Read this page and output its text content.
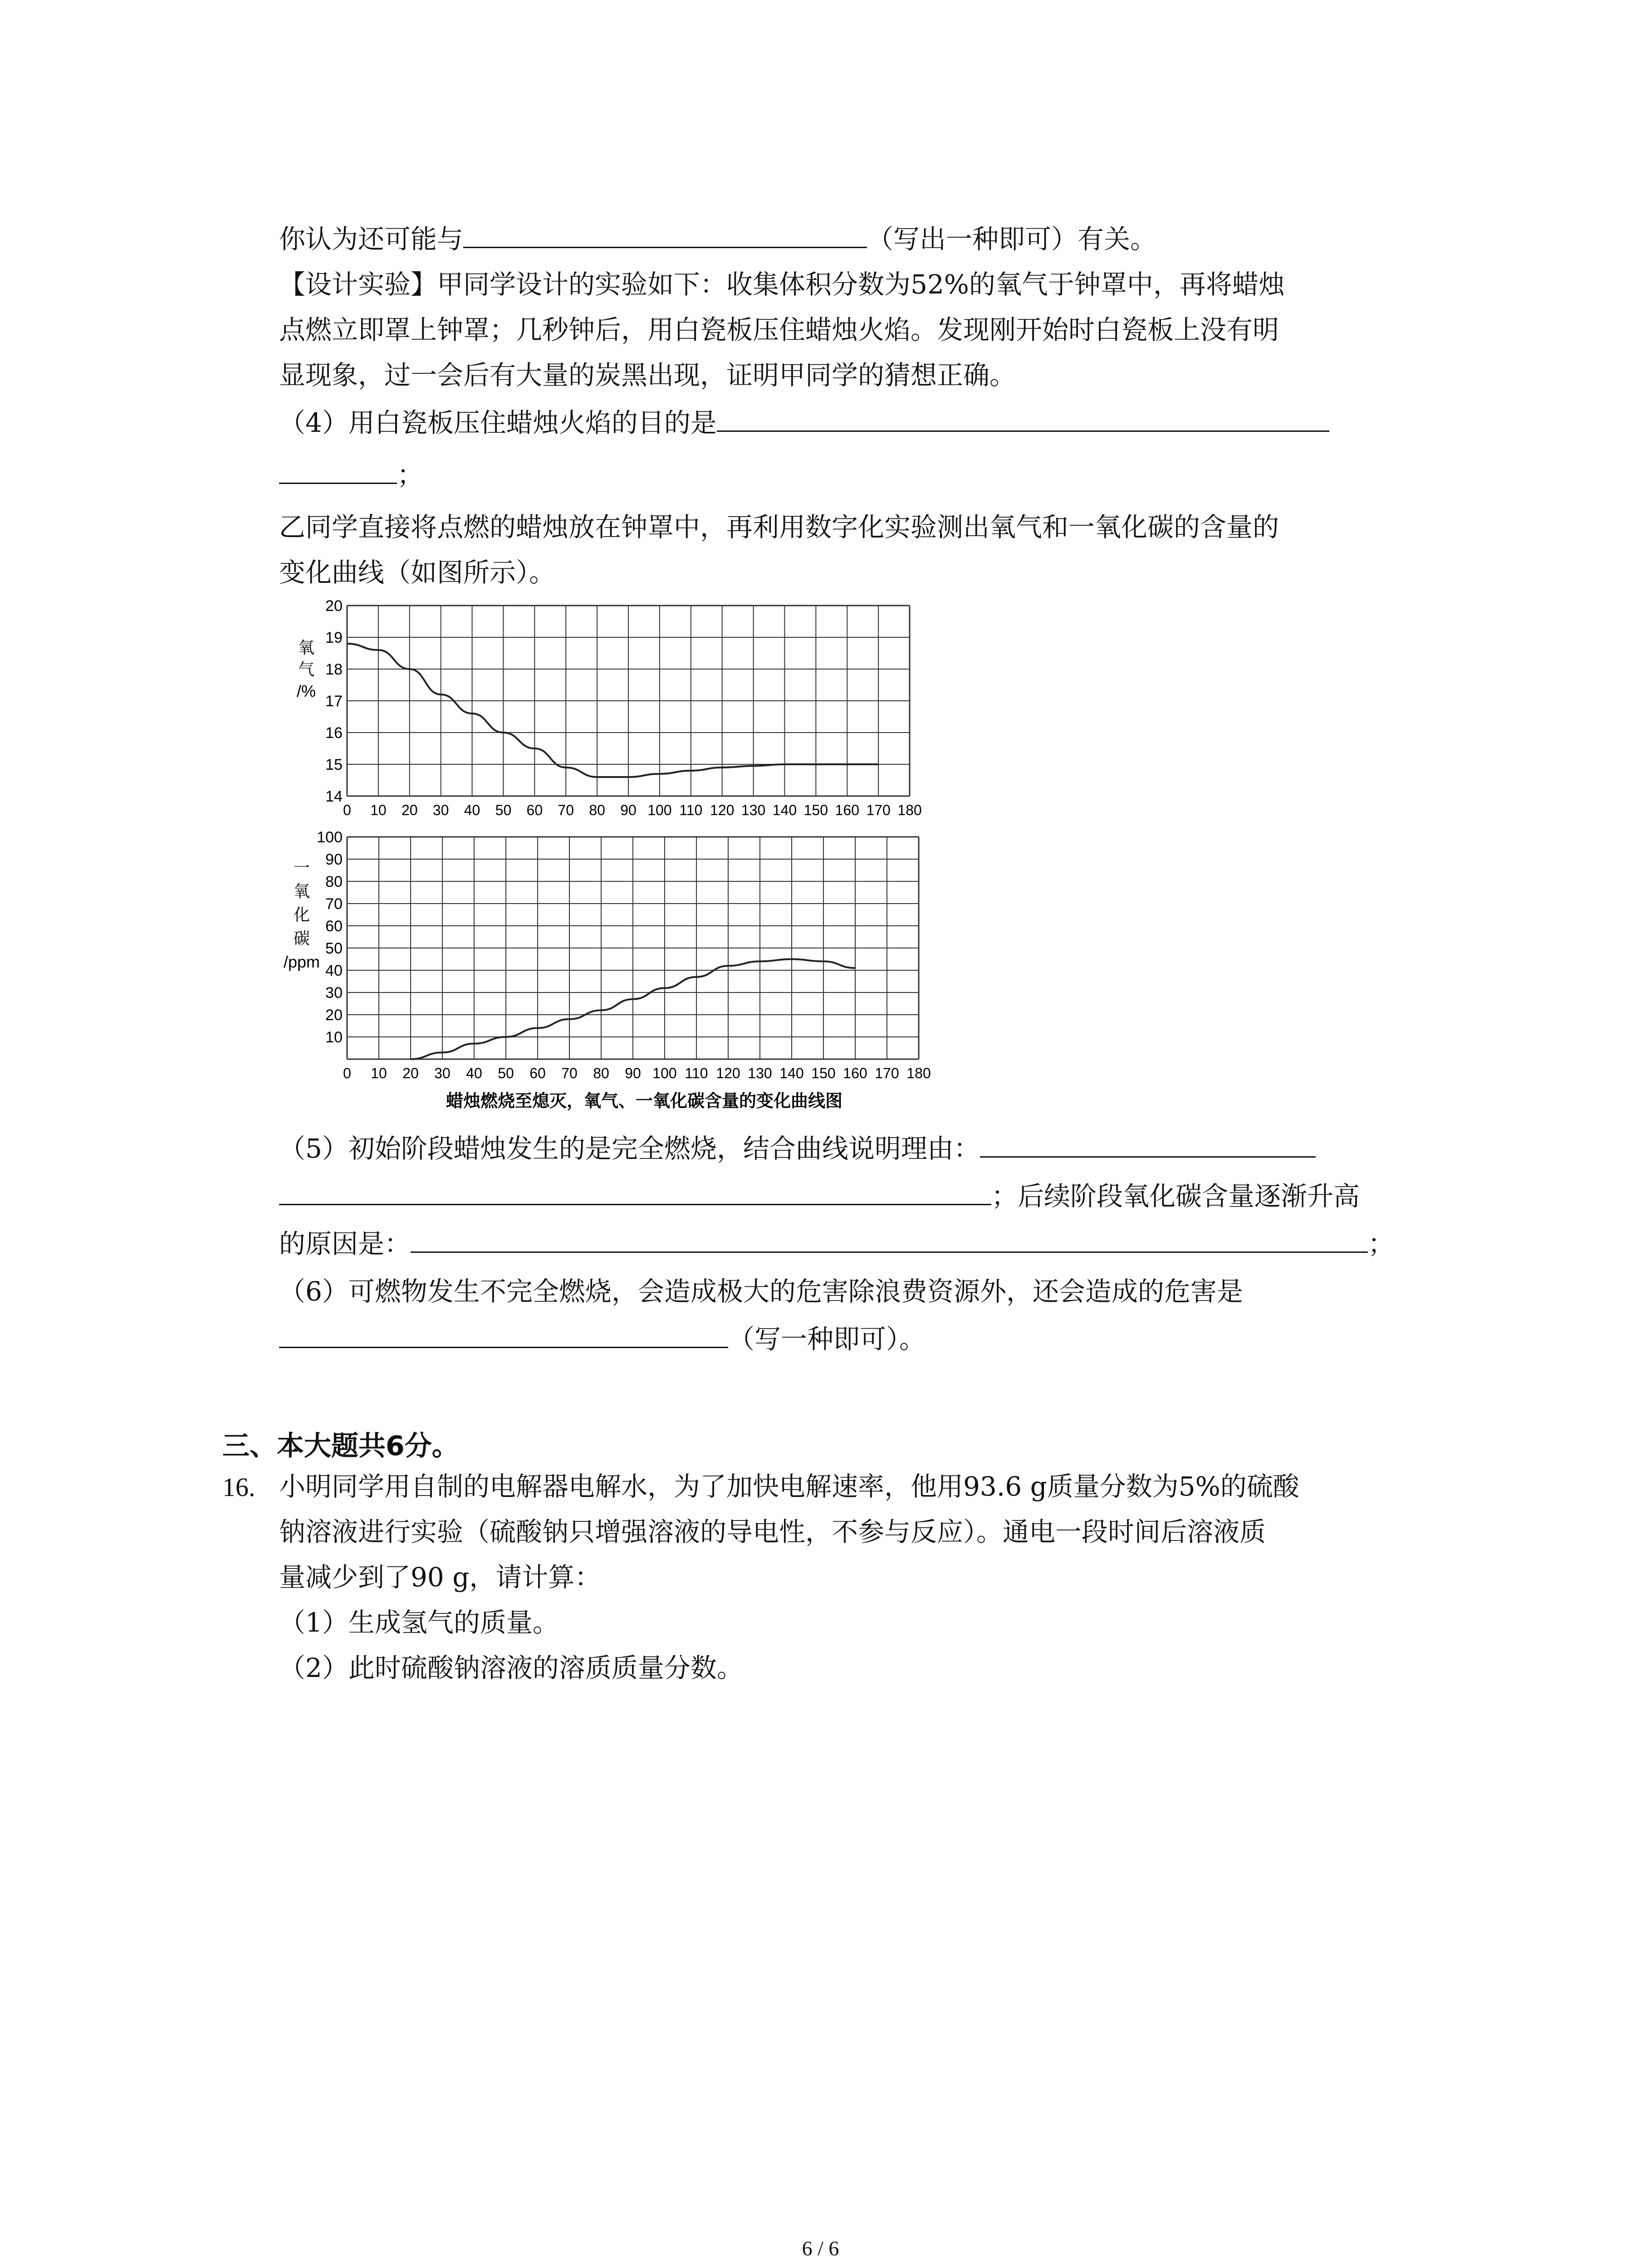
你认为还可能与	（写出一种即可）有关。
【设计实验】甲同学设计的实验如下：收集体积分数为52%的氧气于钟罩中，再将蜡烛
点燃立即罩上钟罩；几秒钟后，用白瓷板压住蜡烛火焰。发现刚开始时白瓷板上没有明
显现象，过一会后有大量的炭黑出现，证明甲同学的猜想正确。
（4）用白瓷板压住蜡烛火焰的目的是
；
乙同学直接将点燃的蜡烛放在钟罩中，再利用数字化实验测出氧气和一氧化碳的含量的
变化曲线（如图所示）。
14
15
16
17
18
19
20
0 10 20 30 40 50 60 70 80 90 100 110 120 130 140 150 160 170 180
氧气/%
10
20
30
40
50
60
70
80
90
100
0 10 20 30 40 50 60 70 80 90 100 110 120 130 140 150 160 170 180
一氧化碳/ppm
蜡烛燃烧至熄灭，氧气、一氧化碳含量的变化曲线图
（5）初始阶段蜡烛发生的是完全燃烧，结合曲线说明理由：
；后续阶段氧化碳含量逐渐升高
的原因是：	；
（6）可燃物发生不完全燃烧，会造成极大的危害除浪费资源外，还会造成的危害是
（写一种即可）。
三、本大题共6分。
16. 小明同学用自制的电解器电解水，为了加快电解速率，他用93.6 g质量分数为5%的硫酸
钠溶液进行实验（硫酸钠只增强溶液的导电性，不参与反应）。通电一段时间后溶液质
量减少到了90 g，请计算：
（1）生成氢气的质量。
（2）此时硫酸钠溶液的溶质质量分数。
6 / 6
